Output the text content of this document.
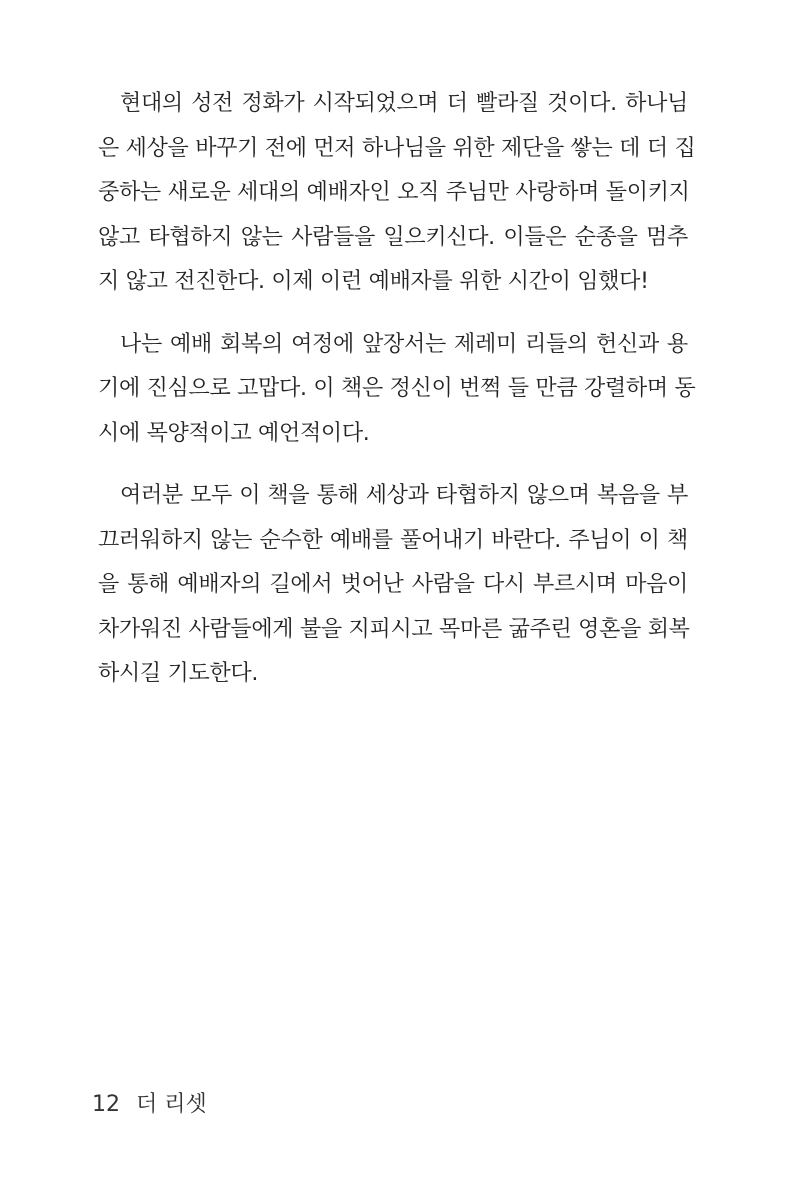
현대의 성전 정화가 시작되었으며 더 빨라질 것이다. 하나님
은 세상을 바꾸기 전에 먼저 하나님을 위한 제단을 쌓는 데 더 집
중하는 새로운 세대의 예배자인 오직 주님만 사랑하며 돌이키지
않고 타협하지 않는 사람들을 일으키신다. 이들은 순종을 멈추
지 않고 전진한다. 이제 이런 예배자를 위한 시간이 임했다!

나는 예배 회복의 여정에 앞장서는 제레미 리들의 헌신과 용
기에 진심으로 고맙다. 이 책은 정신이 번쩍 들 만큼 강렬하며 동
시에 목양적이고 예언적이다.

여러분 모두 이 책을 통해 세상과 타협하지 않으며 복음을 부
끄러워하지 않는 순수한 예배를 풀어내기 바란다. 주님이 이 책
을 통해 예배자의 길에서 벗어난 사람을 다시 부르시며 마음이
차가워진 사람들에게 불을 지피시고 목마른 굶주린 영혼을 회복
하시길 기도한다.

12 더 리셋
